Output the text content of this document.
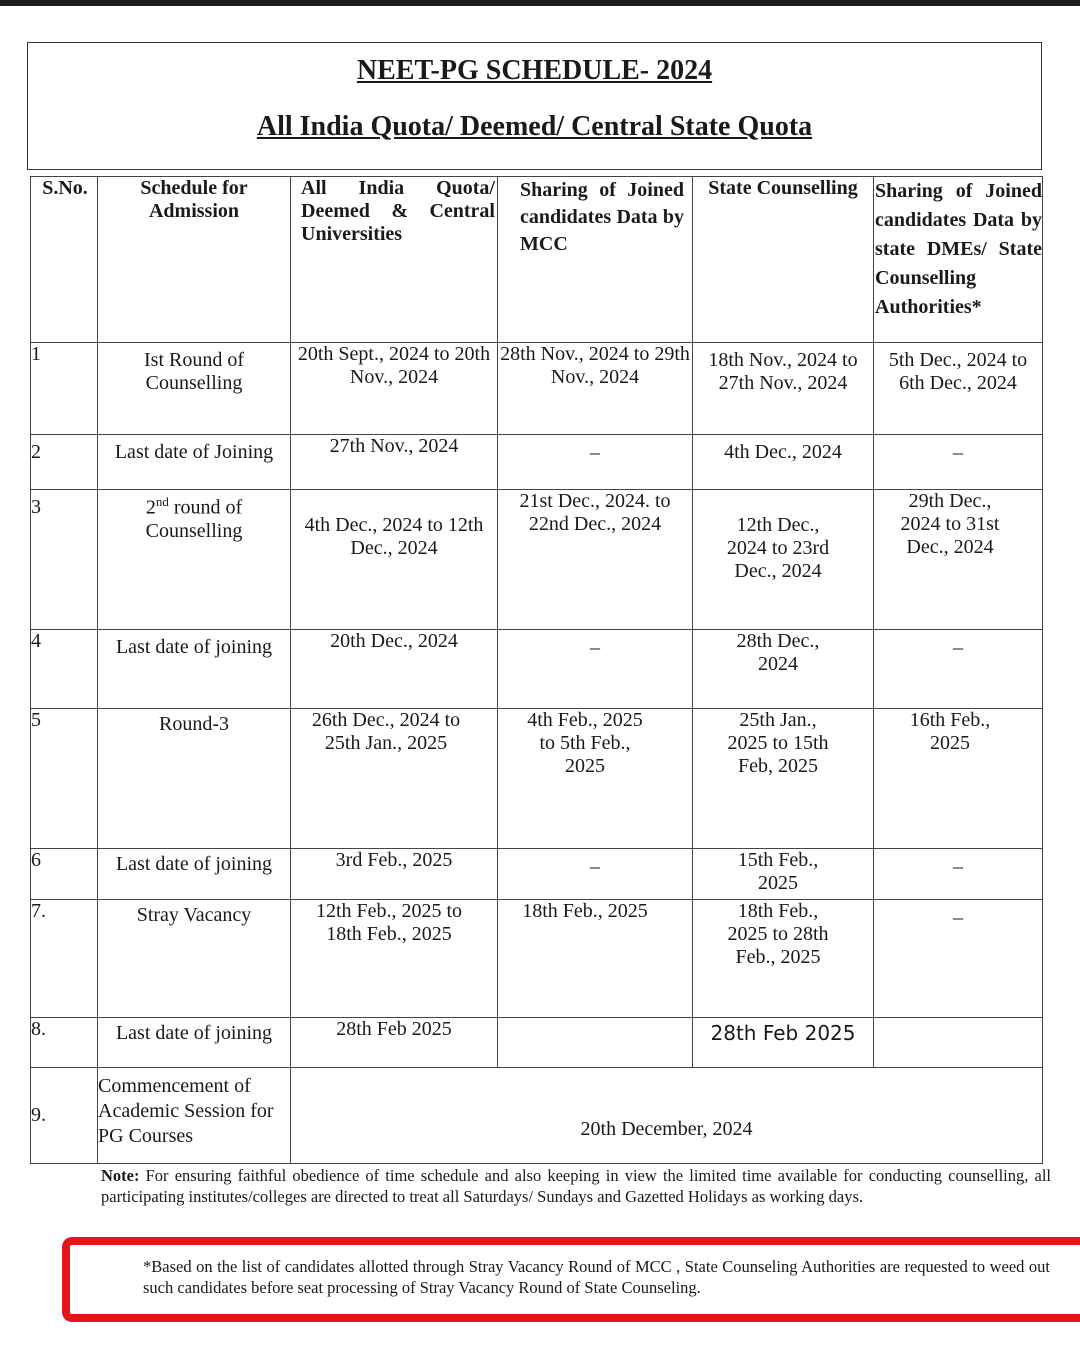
NEET-PG SCHEDULE- 2024
All India Quota/ Deemed/ Central State Quota
S.No.	Schedule for Admission	All India Quota/ Deemed & Central Universities	Sharing of Joined candidates Data by MCC	State Counselling	Sharing of Joined candidates Data by state DMEs/ State Counselling Authorities*
1	Ist Round of Counselling	20th Sept., 2024 to 20th Nov., 2024	28th Nov., 2024 to 29th Nov., 2024	18th Nov., 2024 to 27th Nov., 2024	5th Dec., 2024 to 6th Dec., 2024
2	Last date of Joining	27th Nov., 2024	_	4th Dec., 2024	_
3	2nd round of Counselling	4th Dec., 2024 to 12th Dec., 2024	21st Dec., 2024. to 22nd Dec., 2024	12th Dec., 2024 to 23rd Dec., 2024	29th Dec., 2024 to 31st Dec., 2024
4	Last date of joining	20th Dec., 2024	_	28th Dec., 2024	_
5	Round-3	26th Dec., 2024 to 25th Jan., 2025	4th Feb., 2025 to 5th Feb., 2025	25th Jan., 2025 to 15th Feb, 2025	16th Feb., 2025
6	Last date of joining	3rd Feb., 2025	_	15th Feb., 2025	_
7.	Stray Vacancy	12th Feb., 2025 to 18th Feb., 2025	18th Feb., 2025	18th Feb., 2025 to 28th Feb., 2025	_
8.	Last date of joining	28th Feb 2025		28th Feb 2025	
9.	Commencement of Academic Session for PG Courses	20th December, 2024			
Note: For ensuring faithful obedience of time schedule and also keeping in view the limited time available for conducting counselling, all participating institutes/colleges are directed to treat all Saturdays/ Sundays and Gazetted Holidays as working days.
*Based on the list of candidates allotted through Stray Vacancy Round of MCC , State Counseling Authorities are requested to weed out such candidates before seat processing of Stray Vacancy Round of State Counseling.
